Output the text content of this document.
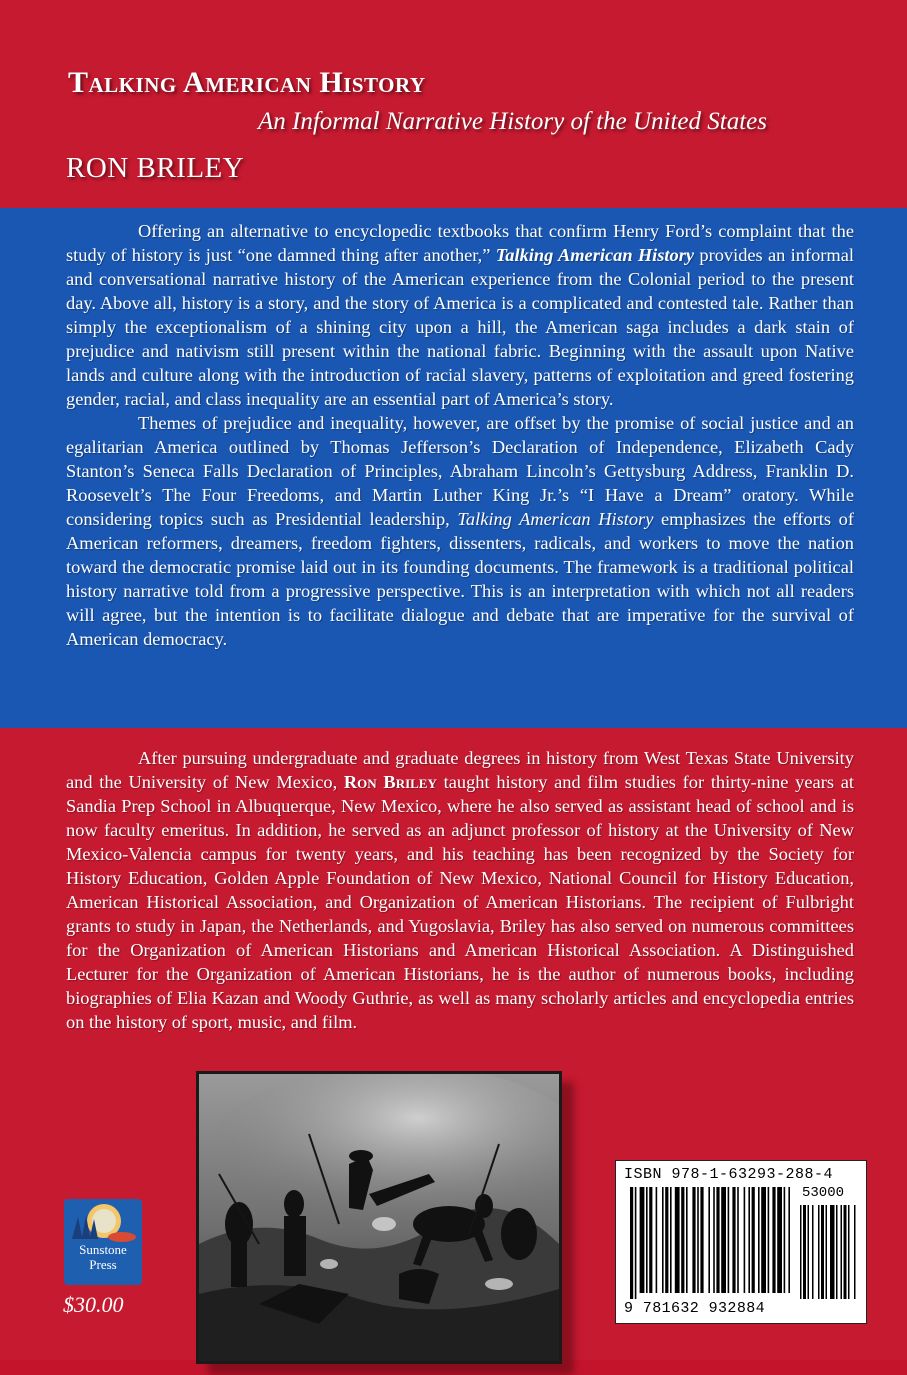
Talking American History
An Informal Narrative History of the United States
RON BRILEY

Offering an alternative to encyclopedic textbooks that confirm Henry Ford’s complaint that the study of history is just “one damned thing after another,” Talking American History provides an informal and conversational narrative history of the American experience from the Colonial period to the present day. Above all, history is a story, and the story of America is a complicated and contested tale. Rather than simply the exceptionalism of a shining city upon a hill, the American saga includes a dark stain of prejudice and nativism still present within the national fabric. Beginning with the assault upon Native lands and culture along with the introduction of racial slavery, patterns of exploitation and greed fostering gender, racial, and class inequality are an essential part of America’s story.

Themes of prejudice and inequality, however, are offset by the promise of social justice and an egalitarian America outlined by Thomas Jefferson’s Declaration of Independence, Elizabeth Cady Stanton’s Seneca Falls Declaration of Principles, Abraham Lincoln’s Gettysburg Address, Franklin D. Roosevelt’s The Four Freedoms, and Martin Luther King Jr.’s “I Have a Dream” oratory. While considering topics such as Presidential leadership, Talking American History emphasizes the efforts of American reformers, dreamers, freedom fighters, dissenters, radicals, and workers to move the nation toward the democratic promise laid out in its founding documents. The framework is a traditional political history narrative told from a progressive perspective. This is an interpretation with which not all readers will agree, but the intention is to facilitate dialogue and debate that are imperative for the survival of American democracy.

After pursuing undergraduate and graduate degrees in history from West Texas State University and the University of New Mexico, Ron Briley taught history and film studies for thirty-nine years at Sandia Prep School in Albuquerque, New Mexico, where he also served as assistant head of school and is now faculty emeritus. In addition, he served as an adjunct professor of history at the University of New Mexico-Valencia campus for twenty years, and his teaching has been recognized by the Society for History Education, Golden Apple Foundation of New Mexico, National Council for History Education, American Historical Association, and Organization of American Historians. The recipient of Fulbright grants to study in Japan, the Netherlands, and Yugoslavia, Briley has also served on numerous committees for the Organization of American Historians and American Historical Association. A Distinguished Lecturer for the Organization of American Historians, he is the author of numerous books, including biographies of Elia Kazan and Woody Guthrie, as well as many scholarly articles and encyclopedia entries on the history of sport, music, and film.

Sunstone Press
$30.00
ISBN 978-1-63293-288-4
53000
9 781632 932884
